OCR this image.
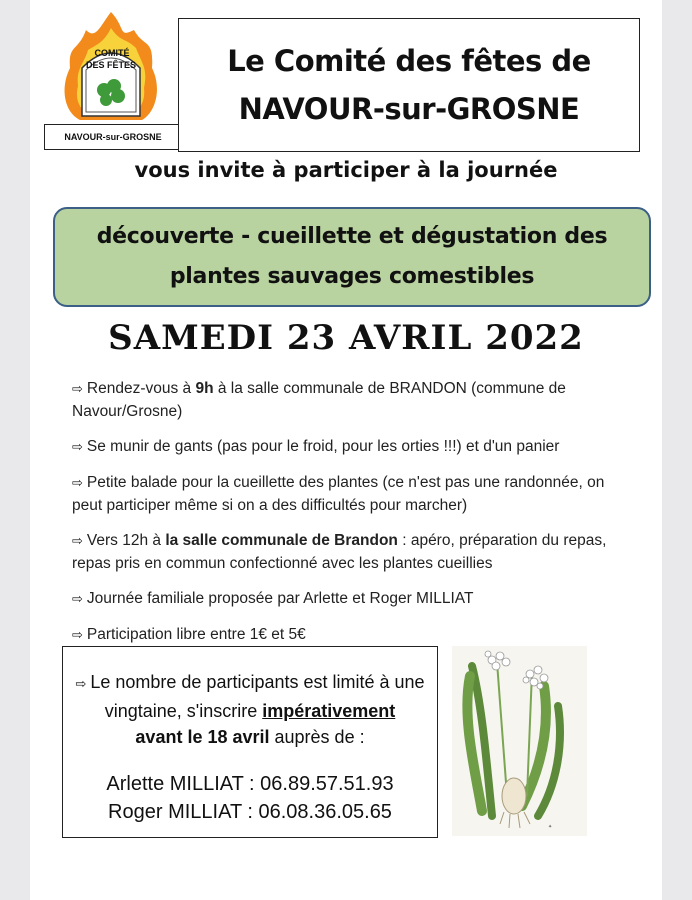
COMITÉ
DES FÊTES
NAVOUR-sur-GROSNE
Le Comité des fêtes de
NAVOUR-sur-GROSNE
vous invite à participer à la journée
découverte - cueillette et dégustation des
plantes sauvages comestibles
SAMEDI 23 AVRIL 2022
⇨ Rendez-vous à 9h à la salle communale de BRANDON (commune de Navour/Grosne)
⇨ Se munir de gants (pas pour le froid, pour les orties !!!) et d'un panier
⇨ Petite balade pour la cueillette des plantes (ce n'est pas une randonnée, on peut participer même si on a des difficultés pour marcher)
⇨ Vers 12h à la salle communale de Brandon : apéro, préparation du repas, repas pris en commun confectionné avec les plantes cueillies
⇨ Journée familiale proposée par Arlette et Roger MILLIAT
⇨ Participation libre entre 1€ et 5€
⇨ Le nombre de participants est limité à une vingtaine, s'inscrire impérativement
avant le 18 avril auprès de :
Arlette MILLIAT : 06.89.57.51.93
Roger MILLIAT : 06.08.36.05.65
✦
